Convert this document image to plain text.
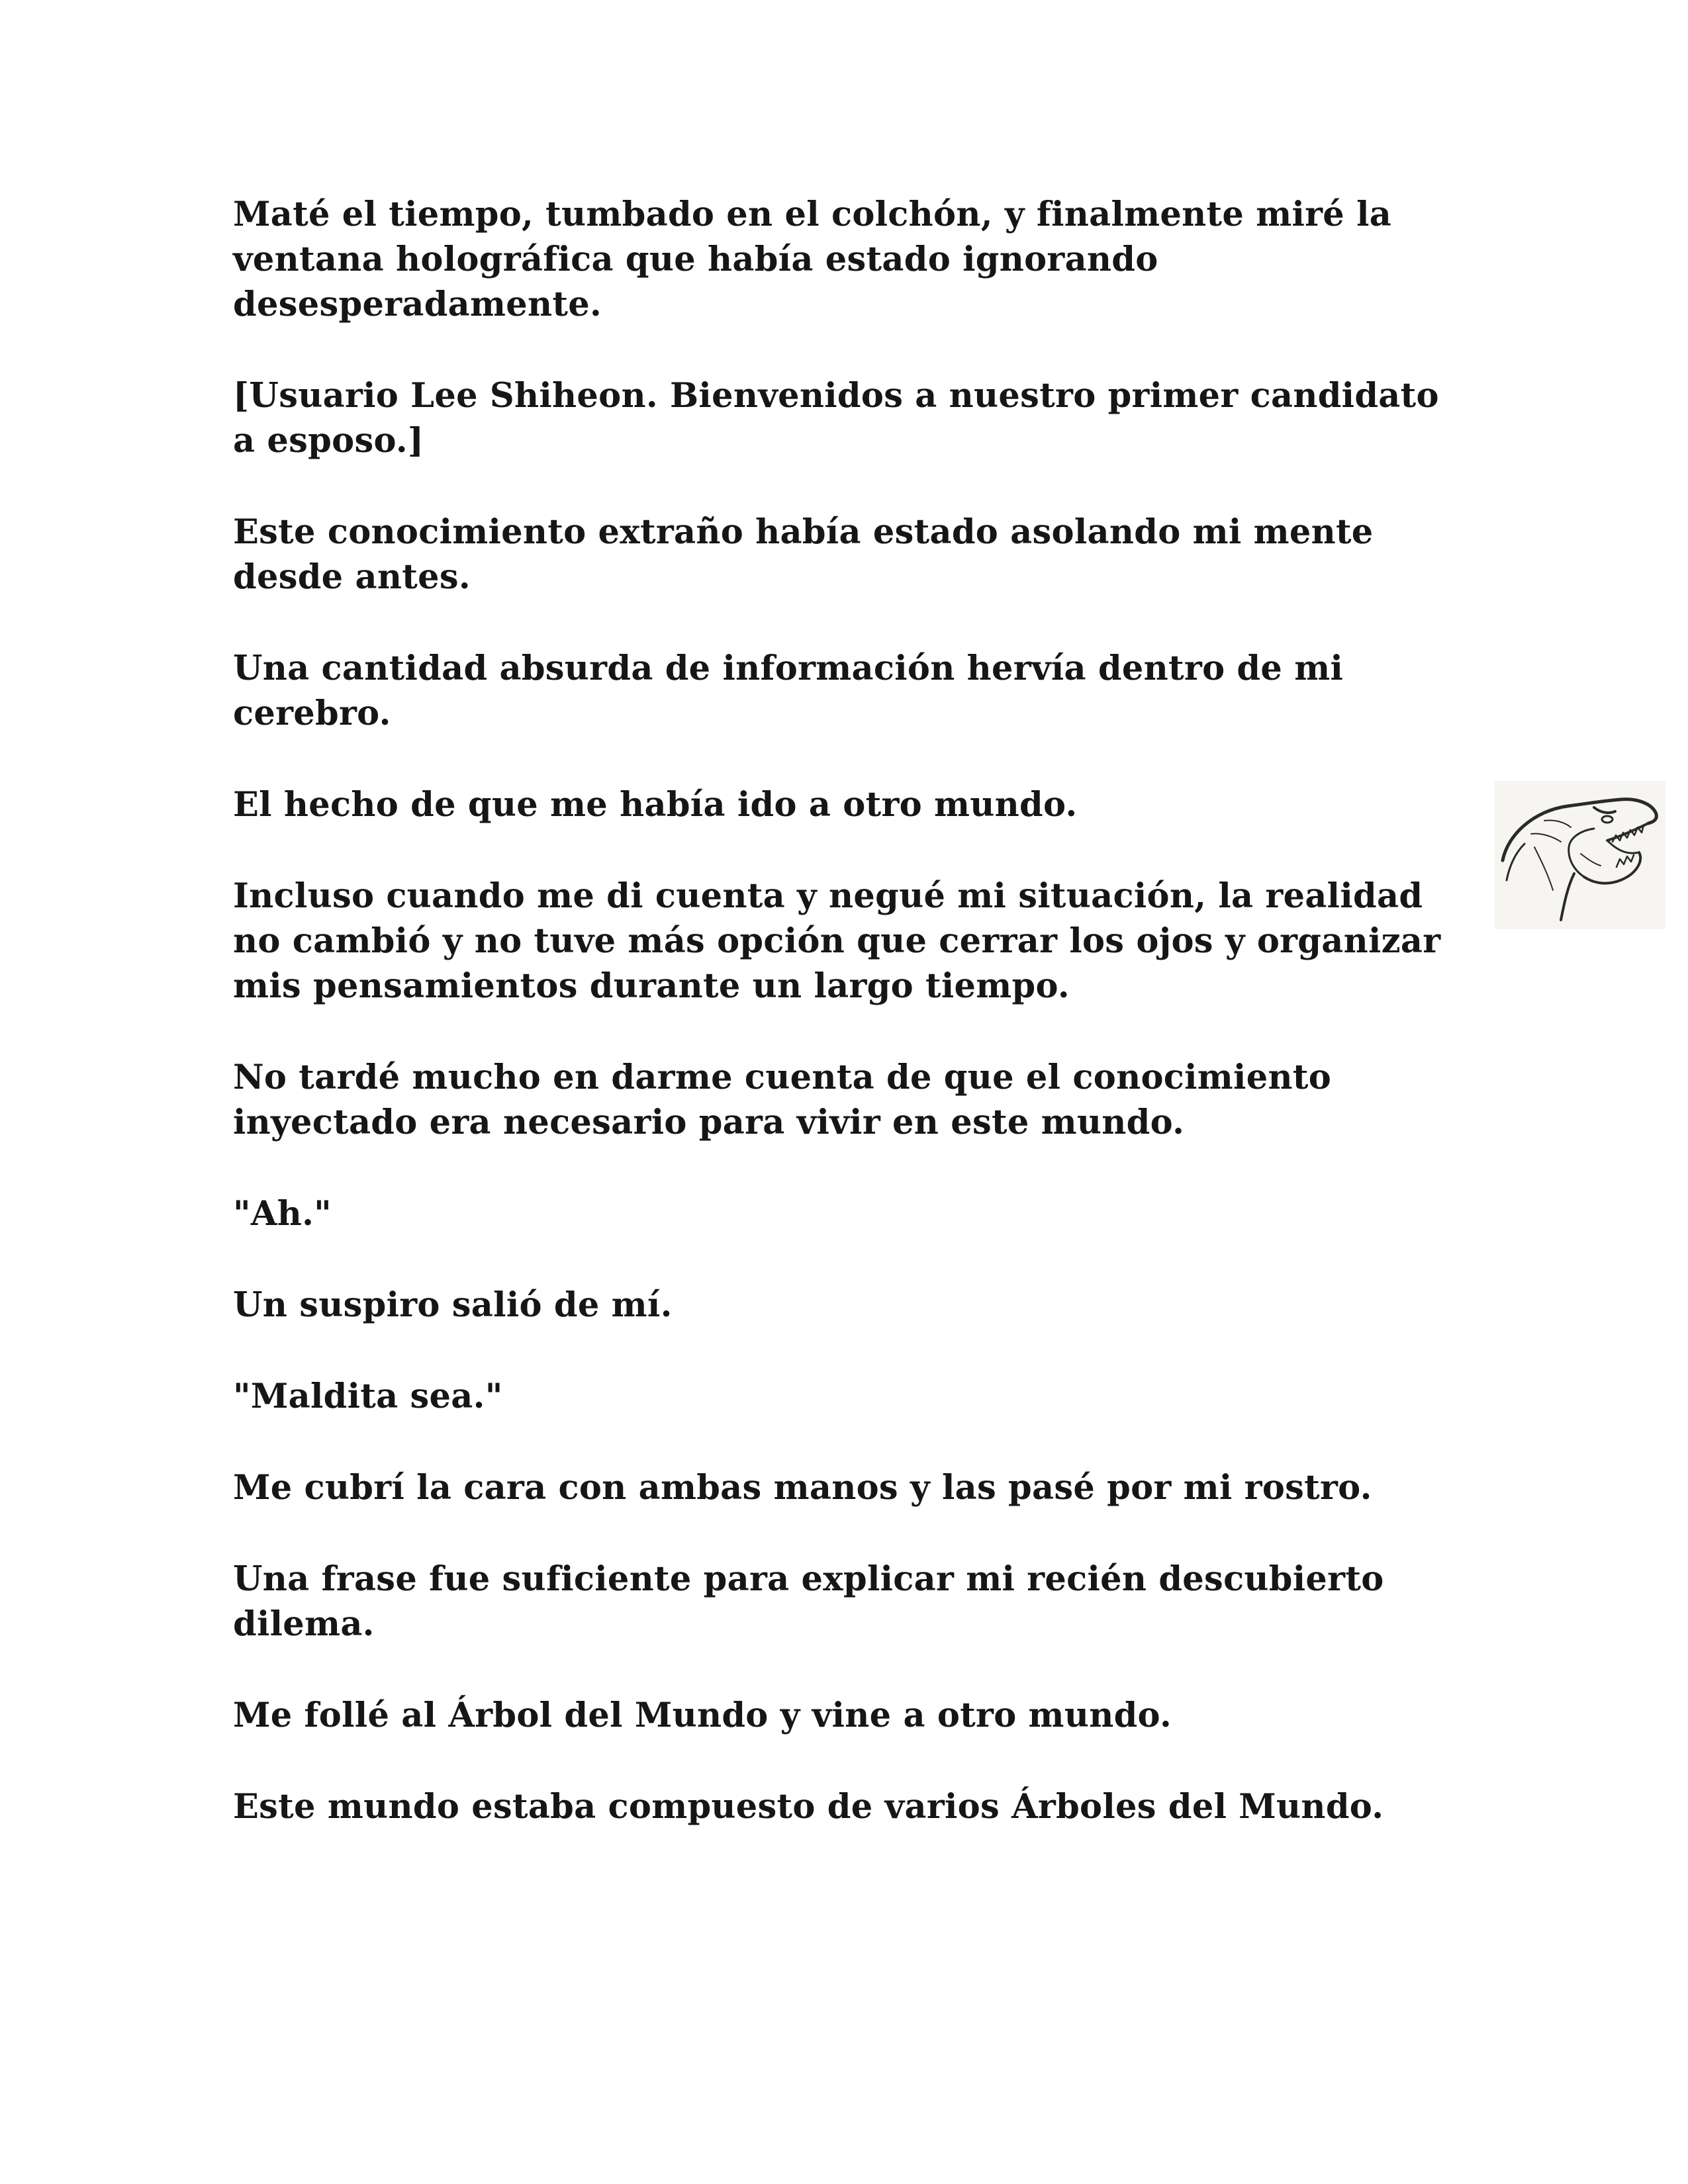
Maté el tiempo, tumbado en el colchón, y finalmente miré la ventana holográfica que había estado ignorando desesperadamente.

[Usuario Lee Shiheon. Bienvenidos a nuestro primer candidato a esposo.]

Este conocimiento extraño había estado asolando mi mente desde antes.

Una cantidad absurda de información hervía dentro de mi cerebro.

El hecho de que me había ido a otro mundo.

Incluso cuando me di cuenta y negué mi situación, la realidad no cambió y no tuve más opción que cerrar los ojos y organizar mis pensamientos durante un largo tiempo.

No tardé mucho en darme cuenta de que el conocimiento inyectado era necesario para vivir en este mundo.

"Ah."

Un suspiro salió de mí.

"Maldita sea."

Me cubrí la cara con ambas manos y las pasé por mi rostro.

Una frase fue suficiente para explicar mi recién descubierto dilema.

Me follé al Árbol del Mundo y vine a otro mundo.

Este mundo estaba compuesto de varios Árboles del Mundo.
